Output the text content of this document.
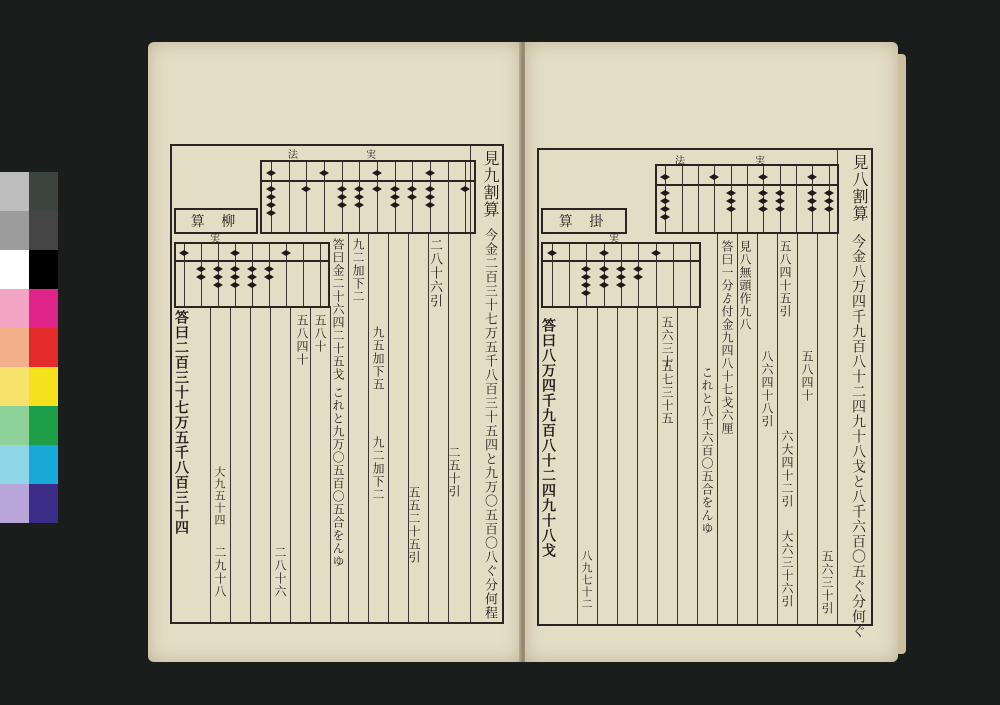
見九割算
今金二百三十七万五千八百三十五四と九万〇五百〇八ぐ分何程
二八十六引
二五十引
五八四十
九二加下二
答曰金二十六四二十五戈
これと九万〇五百〇五合をんゆ
二九十八
大九五十四
二八十六
五八十	九五加下五
九二加下二
五五二十五引
答曰二百三十七万五千八百三十四
法	実
算 柳
実
見八割算
今金八万四千九百八十二四九十八戈と八千六百〇五ぐ分何ぐ
五八四十五引
見八無頭作九八
答曰一分ゟ付金九四八十七戈六厘
これと八千六百〇五合をんゆ	五八四十
八六四十八引
六大四十二引
大六三十六引 五六三十引
五七三十五
五六三十
八九七十二
答曰八万四千九百八十二四九十八戈
法	実
算 掛
実
